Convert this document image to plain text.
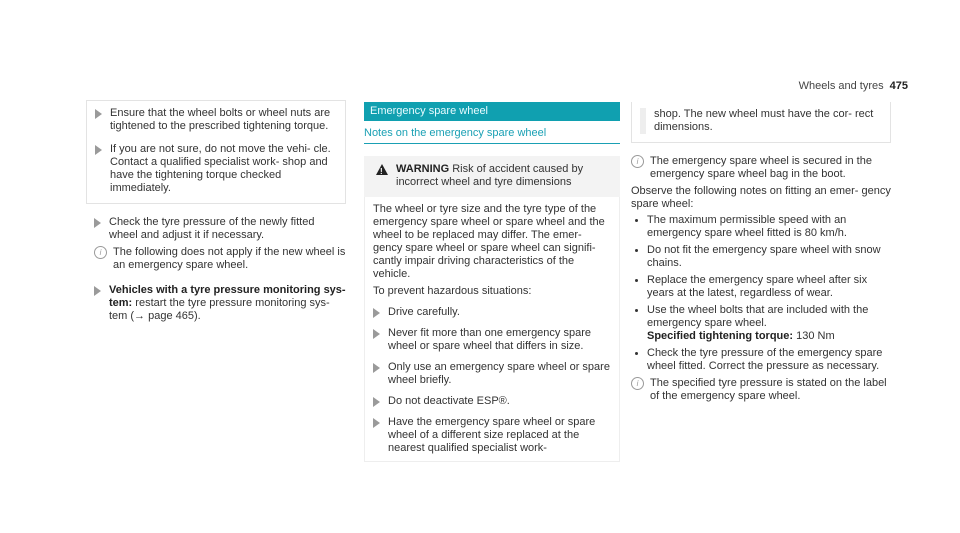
Wheels and tyres 475
Ensure that the wheel bolts or wheel nuts are tightened to the prescribed tightening torque.
If you are not sure, do not move the vehi- cle. Contact a qualified specialist work- shop and have the tightening torque checked immediately.
Check the tyre pressure of the newly fitted wheel and adjust it if necessary.
i	The following does not apply if the new wheel is an emergency spare wheel.
Vehicles with a tyre pressure monitoring sys- tem: restart the tyre pressure monitoring sys- tem (→ page 465).
Emergency spare wheel
Notes on the emergency spare wheel
! WARNING Risk of accident caused by incorrect wheel and tyre dimensions
The wheel or tyre size and the tyre type of the emergency spare wheel or spare wheel and the wheel to be replaced may differ. The emer- gency spare wheel or spare wheel can signifi- cantly impair driving characteristics of the vehicle.
To prevent hazardous situations:
Drive carefully.
Never fit more than one emergency spare wheel or spare wheel that differs in size.
Only use an emergency spare wheel or spare wheel briefly.
Do not deactivate ESP®.
Have the emergency spare wheel or spare wheel of a different size replaced at the nearest qualified specialist work-
shop. The new wheel must have the cor- rect dimensions.
i	The emergency spare wheel is secured in the emergency spare wheel bag in the boot.
Observe the following notes on fitting an emer- gency spare wheel:
The maximum permissible speed with an emergency spare wheel fitted is 80 km/h.
Do not fit the emergency spare wheel with snow chains.
Replace the emergency spare wheel after six years at the latest, regardless of wear.
Use the wheel bolts that are included with the emergency spare wheel.
Specified tightening torque: 130 Nm
Check the tyre pressure of the emergency spare wheel fitted. Correct the pressure as necessary.
i	The specified tyre pressure is stated on the label of the emergency spare wheel.
